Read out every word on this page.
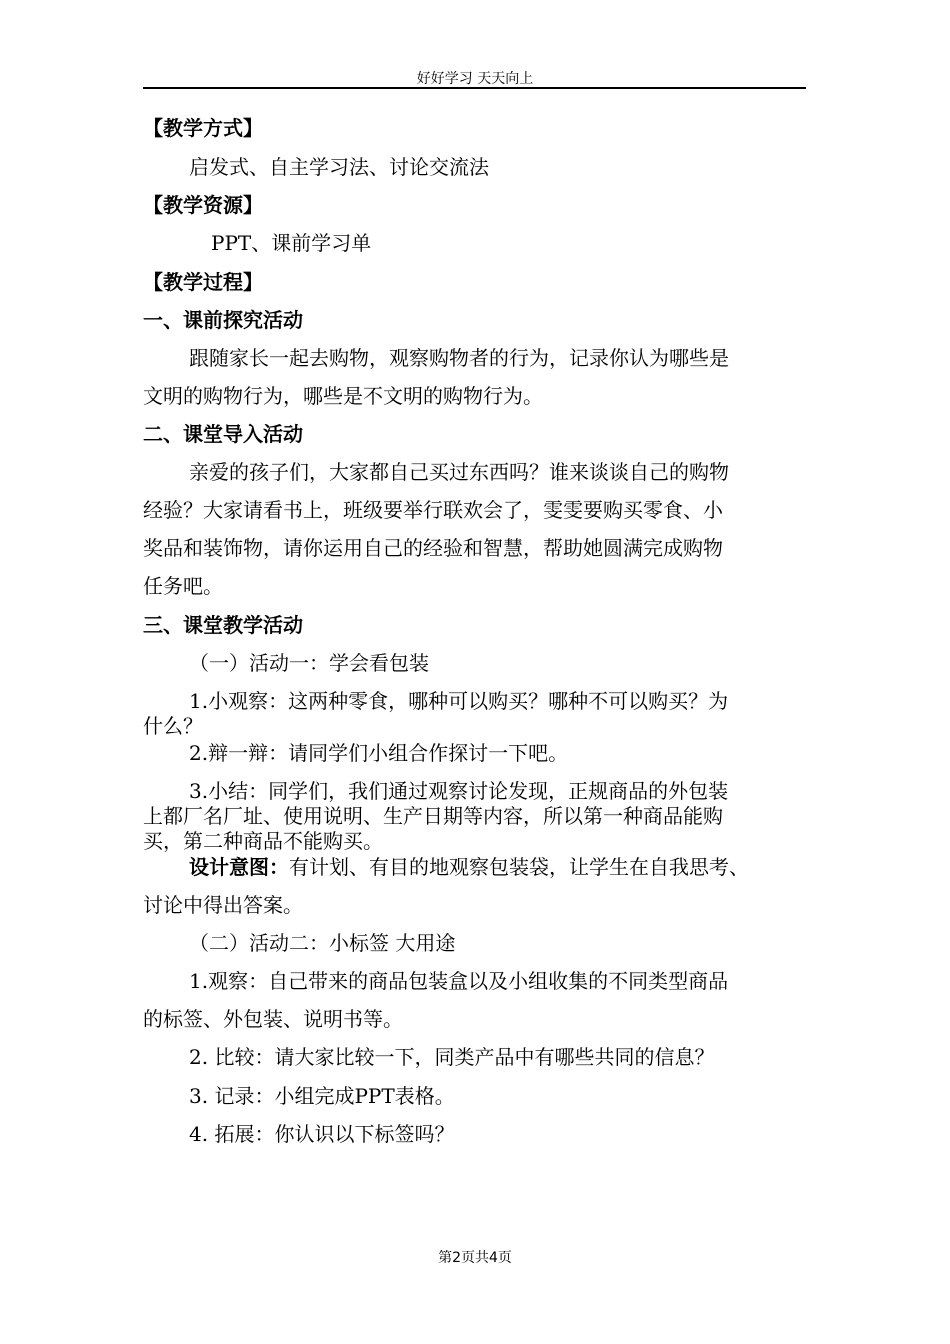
好好学习 天天向上
【教学方式】
启发式、自主学习法、讨论交流法
【教学资源】
PPT、课前学习单
【教学过程】
一、课前探究活动
跟随家长一起去购物，观察购物者的行为，记录你认为哪些是
文明的购物行为，哪些是不文明的购物行为。
二、课堂导入活动
亲爱的孩子们，大家都自己买过东西吗？谁来谈谈自己的购物
经验？大家请看书上，班级要举行联欢会了，雯雯要购买零食、小
奖品和装饰物，请你运用自己的经验和智慧，帮助她圆满完成购物
任务吧。
三、课堂教学活动
（一）活动一：学会看包装
1.小观察：这两种零食，哪种可以购买？哪种不可以购买？为
什么？
2.辩一辩：请同学们小组合作探讨一下吧。
3.小结：同学们，我们通过观察讨论发现，正规商品的外包装
上都厂名厂址、使用说明、生产日期等内容，所以第一种商品能购
买，第二种商品不能购买。
设计意图：有计划、有目的地观察包装袋，让学生在自我思考、
讨论中得出答案。
（二）活动二：小标签 大用途
1.观察：自己带来的商品包装盒以及小组收集的不同类型商品
的标签、外包装、说明书等。
2. 比较：请大家比较一下，同类产品中有哪些共同的信息？
3. 记录：小组完成PPT表格。
4. 拓展：你认识以下标签吗？
第2页共4页
